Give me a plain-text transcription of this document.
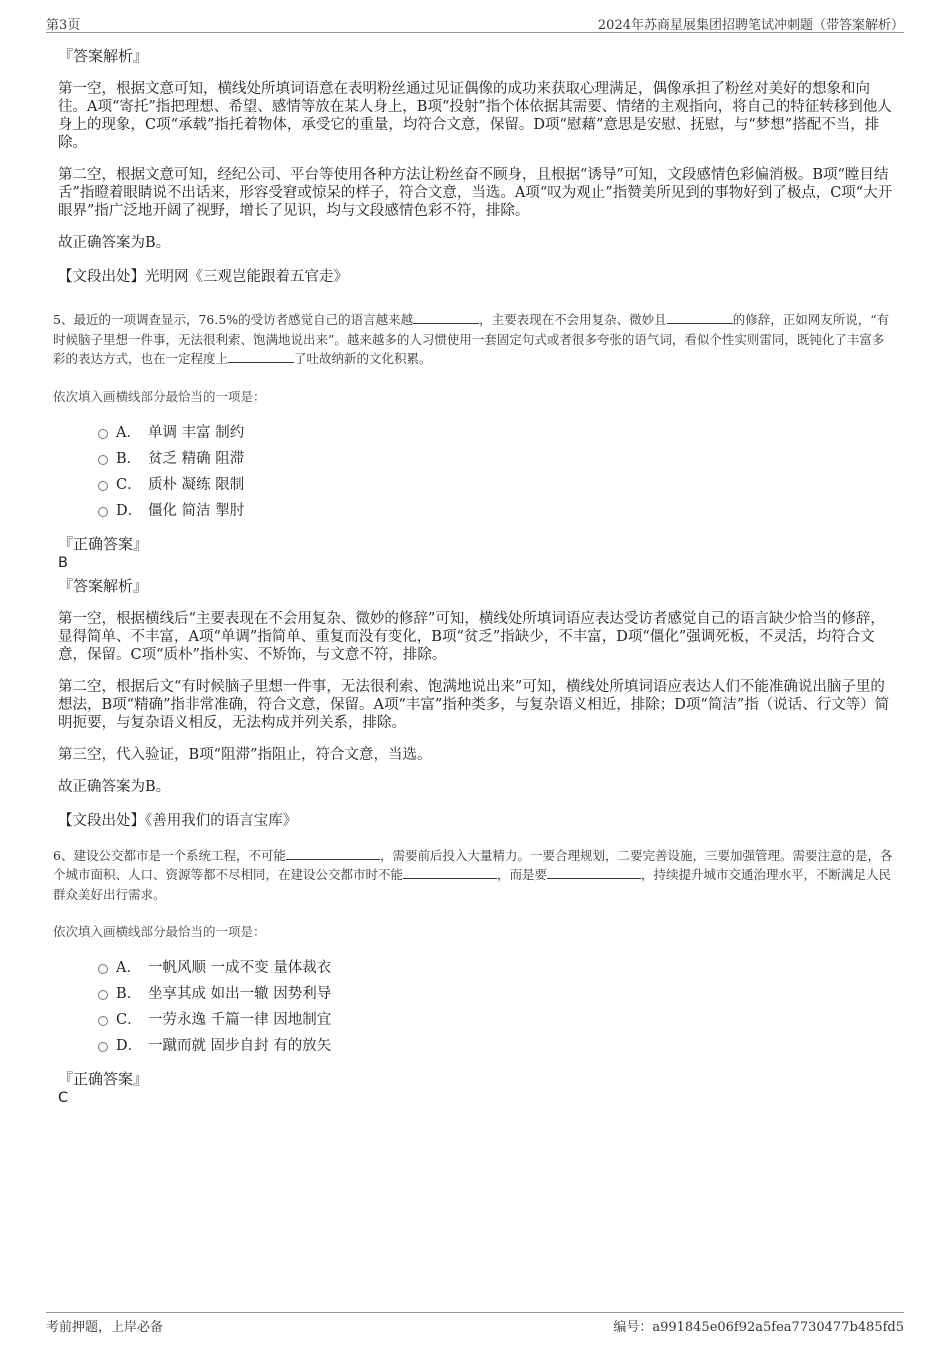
第3页	2024年苏商星展集团招聘笔试冲刺题（带答案解析）

『答案解析』

第一空，根据文意可知，横线处所填词语意在表明粉丝通过见证偶像的成功来获取心理满足，偶像承担了粉丝对美好的想象和向往。A项“寄托”指把理想、希望、感情等放在某人身上，B项“投射”指个体依据其需要、情绪的主观指向，将自己的特征转移到他人身上的现象，C项“承载”指托着物体，承受它的重量，均符合文意，保留。D项“慰藉”意思是安慰、抚慰，与“梦想”搭配不当，排除。

第二空，根据文意可知，经纪公司、平台等使用各种方法让粉丝奋不顾身，且根据“诱导”可知，文段感情色彩偏消极。B项“瞠目结舌”指瞪着眼睛说不出话来，形容受窘或惊呆的样子，符合文意，当选。A项“叹为观止”指赞美所见到的事物好到了极点，C项“大开眼界”指广泛地开阔了视野，增长了见识，均与文段感情色彩不符，排除。

故正确答案为B。

【文段出处】光明网《三观岂能跟着五官走》

5、最近的一项调查显示，76.5%的受访者感觉自己的语言越来越	，主要表现在不会用复杂、微妙且	的修辞，正如网友所说，“有时候脑子里想一件事，无法很利索、饱满地说出来”。越来越多的人习惯使用一套固定句式或者很多夸张的语气词，看似个性实则雷同，既钝化了丰富多彩的表达方式，也在一定程度上	了吐故纳新的文化积累。

依次填入画横线部分最恰当的一项是：

A． 单调 丰富 制约
B． 贫乏 精确 阻滞
C． 质朴 凝练 限制
D． 僵化 简洁 掣肘

『正确答案』

B

『答案解析』

第一空，根据横线后“主要表现在不会用复杂、微妙的修辞”可知，横线处所填词语应表达受访者感觉自己的语言缺少恰当的修辞，显得简单、不丰富，A项“单调”指简单、重复而没有变化，B项“贫乏”指缺少，不丰富，D项“僵化”强调死板，不灵活，均符合文意，保留。C项“质朴”指朴实、不矫饰，与文意不符，排除。

第二空，根据后文“有时候脑子里想一件事，无法很利索、饱满地说出来”可知，横线处所填词语应表达人们不能准确说出脑子里的想法，B项“精确”指非常准确，符合文意，保留。A项“丰富”指种类多，与复杂语义相近，排除；D项“简洁”指（说话、行文等）简明扼要，与复杂语义相反，无法构成并列关系，排除。

第三空，代入验证，B项“阻滞”指阻止，符合文意，当选。

故正确答案为B。

【文段出处】《善用我们的语言宝库》

6、建设公交都市是一个系统工程，不可能	，需要前后投入大量精力。一要合理规划，二要完善设施，三要加强管理。需要注意的是，各个城市面积、人口、资源等都不尽相同，在建设公交都市时不能	，而是要	，持续提升城市交通治理水平，不断满足人民群众美好出行需求。

依次填入画横线部分最恰当的一项是：

A． 一帆风顺 一成不变 量体裁衣
B． 坐享其成 如出一辙 因势利导
C． 一劳永逸 千篇一律 因地制宜
D． 一蹴而就 固步自封 有的放矢

『正确答案』

C

考前押题，上岸必备	编号：a991845e06f92a5fea7730477b485fd5
